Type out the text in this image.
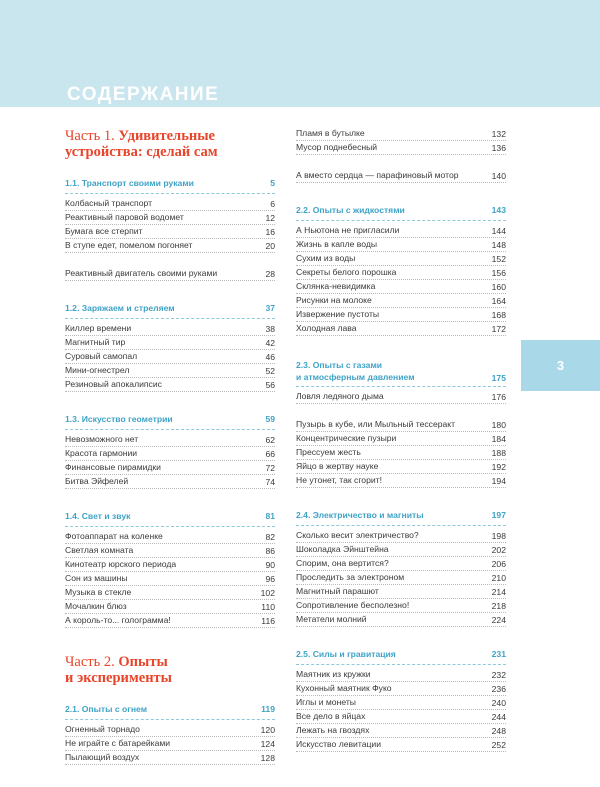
СОДЕРЖАНИЕ
3
Часть 1. Удивительные
устройства: сделай сам
1.1. Транспорт своими руками	5
Колбасный транспорт	6
Реактивный паровой водомет	12
Бумага все стерпит	16
В ступе едет, помелом погоняет	20
Реактивный двигатель своими руками	28
1.2. Заряжаем и стреляем	37
Киллер времени	38
Магнитный тир	42
Суровый самопал	46
Мини-огнестрел	52
Резиновый апокалипсис	56
1.3. Искусство геометрии	59
Невозможного нет	62
Красота гармонии	66
Финансовые пирамидки	72
Битва Эйфелей	74
1.4. Свет и звук	81
Фотоаппарат на коленке	82
Светлая комната	86
Кинотеатр юрского периода	90
Сон из машины	96
Музыка в стекле	102
Мочалкин блюз	110
А король-то... голограмма!	116
Часть 2. Опыты
и эксперименты
2.1. Опыты с огнем	119
Огненный торнадо	120
Не играйте с батарейками	124
Пылающий воздух	128
Пламя в бутылке	132
Мусор поднебесный	136
А вместо сердца — парафиновый мотор	140
2.2. Опыты с жидкостями	143
А Ньютона не пригласили	144
Жизнь в капле воды	148
Сухим из воды	152
Секреты белого порошка	156
Склянка-невидимка	160
Рисунки на молоке	164
Извержение пустоты	168
Холодная лава	172
2.3. Опыты с газами
и атмосферным давлением	175
Ловля ледяного дыма	176
Пузырь в кубе, или Мыльный тессеракт	180
Концентрические пузыри	184
Прессуем жесть	188
Яйцо в жертву науке	192
Не утонет, так сгорит!	194
2.4. Электричество и магниты	197
Сколько весит электричество?	198
Шоколадка Эйнштейна	202
Спорим, она вертится?	206
Проследить за электроном	210
Магнитный парашют	214
Сопротивление бесполезно!	218
Метатели молний	224
2.5. Силы и гравитация	231
Маятник из кружки	232
Кухонный маятник Фуко	236
Иглы и монеты	240
Все дело в яйцах	244
Лежать на гвоздях	248
Искусство левитации	252
